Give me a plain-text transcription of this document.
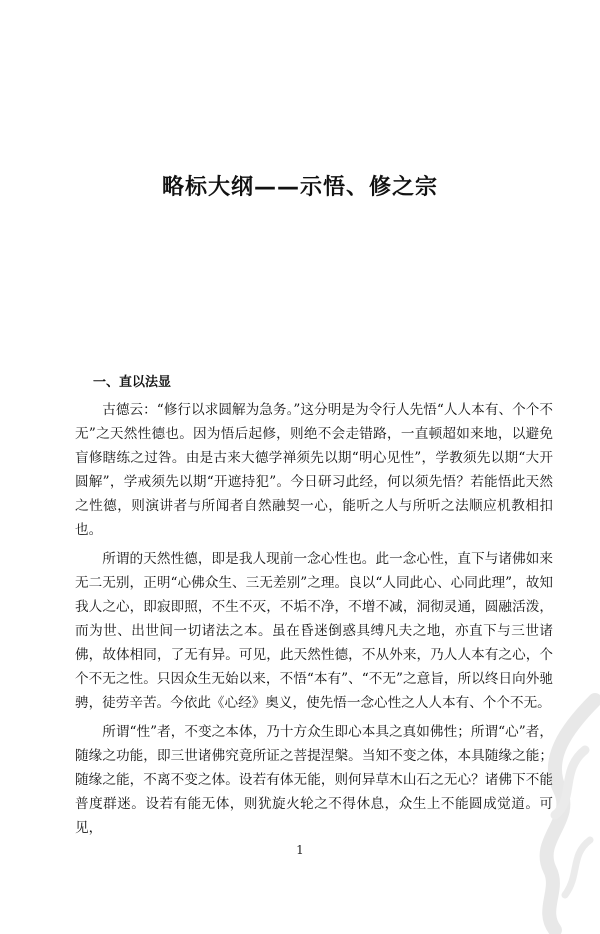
略标大纲——示悟、修之宗
一、直以法显

古德云：“修行以求圆解为急务。”这分明是为令行人先悟“人人本有、个个不无”之天然性德也。因为悟后起修，则绝不会走错路，一直顿超如来地，以避免盲修瞎练之过咎。由是古来大德学禅须先以期“明心见性”，学教须先以期“大开圆解”，学戒须先以期“开遮持犯”。今日研习此经，何以须先悟？若能悟此天然之性德，则演讲者与所闻者自然融契一心，能听之人与所听之法顺应机教相扣也。

所谓的天然性德，即是我人现前一念心性也。此一念心性，直下与诸佛如来无二无别，正明“心佛众生、三无差别”之理。良以“人同此心、心同此理”，故知我人之心，即寂即照，不生不灭，不垢不净，不增不减，洞彻灵通，圆融活泼，而为世、出世间一切诸法之本。虽在昏迷倒惑具缚凡夫之地，亦直下与三世诸佛，故体相同，了无有异。可见，此天然性德，不从外来，乃人人本有之心，个个不无之性。只因众生无始以来，不悟“本有”、“不无”之意旨，所以终日向外驰骋，徒劳辛苦。今依此《心经》奥义，使先悟一念心性之人人本有、个个不无。

所谓“性”者，不变之本体，乃十方众生即心本具之真如佛性；所谓“心”者，随缘之功能，即三世诸佛究竟所证之菩提涅槃。当知不变之体，本具随缘之能；随缘之能，不离不变之体。设若有体无能，则何异草木山石之无心？诸佛下不能普度群迷。设若有能无体，则犹旋火轮之不得休息，众生上不能圆成觉道。可见，

1
